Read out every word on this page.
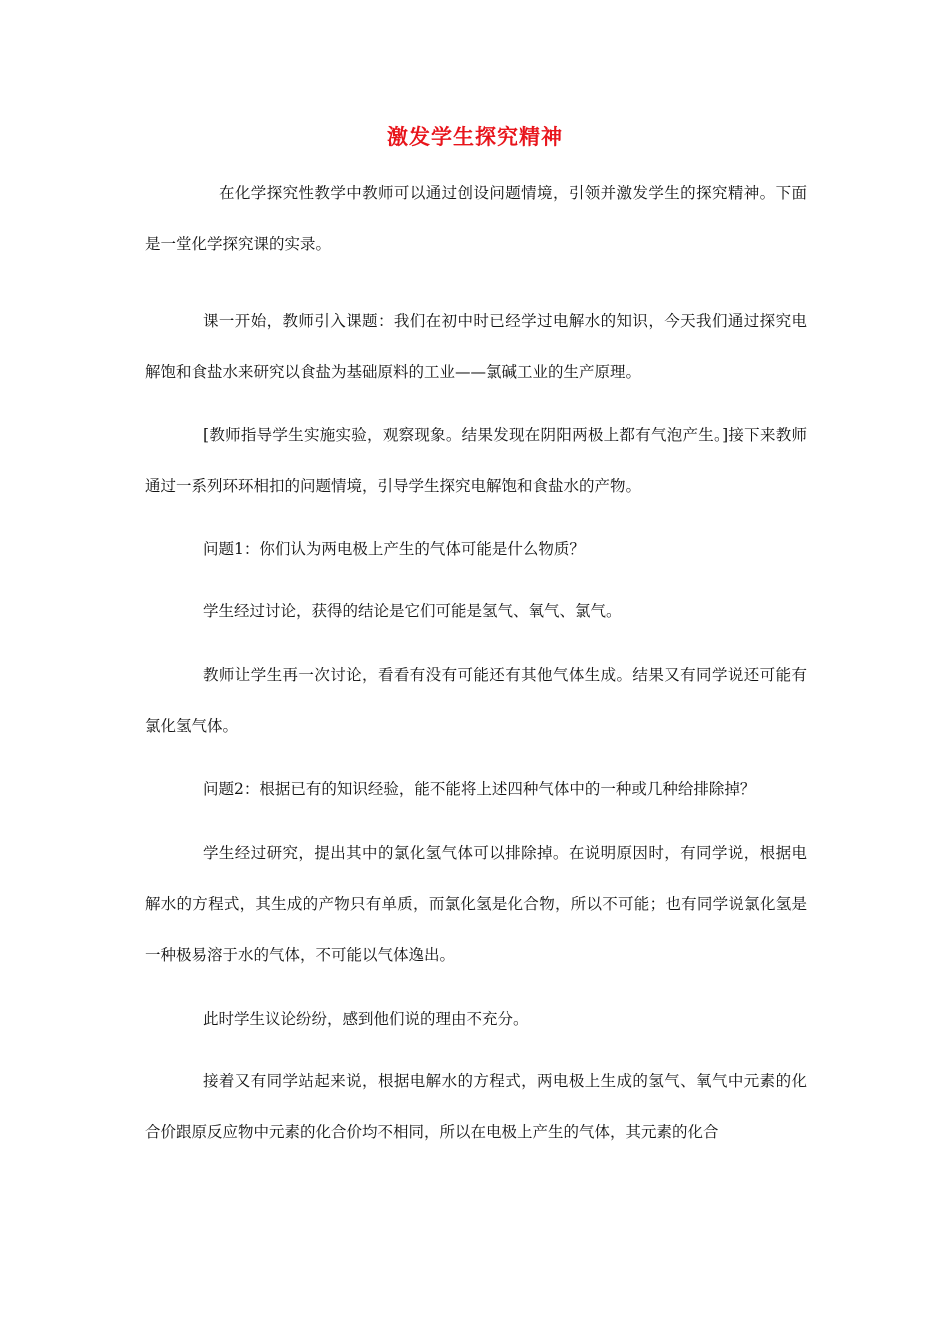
激发学生探究精神

在化学探究性教学中教师可以通过创设问题情境，引领并激发学生的探究精神。下面是一堂化学探究课的实录。

课一开始，教师引入课题：我们在初中时已经学过电解水的知识，今天我们通过探究电解饱和食盐水来研究以食盐为基础原料的工业——氯碱工业的生产原理。

[教师指导学生实施实验，观察现象。结果发现在阴阳两极上都有气泡产生。]接下来教师通过一系列环环相扣的问题情境，引导学生探究电解饱和食盐水的产物。

问题1：你们认为两电极上产生的气体可能是什么物质？

学生经过讨论，获得的结论是它们可能是氢气、氧气、氯气。

教师让学生再一次讨论，看看有没有可能还有其他气体生成。结果又有同学说还可能有氯化氢气体。

问题2：根据已有的知识经验，能不能将上述四种气体中的一种或几种给排除掉？

学生经过研究，提出其中的氯化氢气体可以排除掉。在说明原因时，有同学说，根据电解水的方程式，其生成的产物只有单质，而氯化氢是化合物，所以不可能；也有同学说氯化氢是一种极易溶于水的气体，不可能以气体逸出。

此时学生议论纷纷，感到他们说的理由不充分。

接着又有同学站起来说，根据电解水的方程式，两电极上生成的氢气、氧气中元素的化合价跟原反应物中元素的化合价均不相同，所以在电极上产生的气体，其元素的化合
